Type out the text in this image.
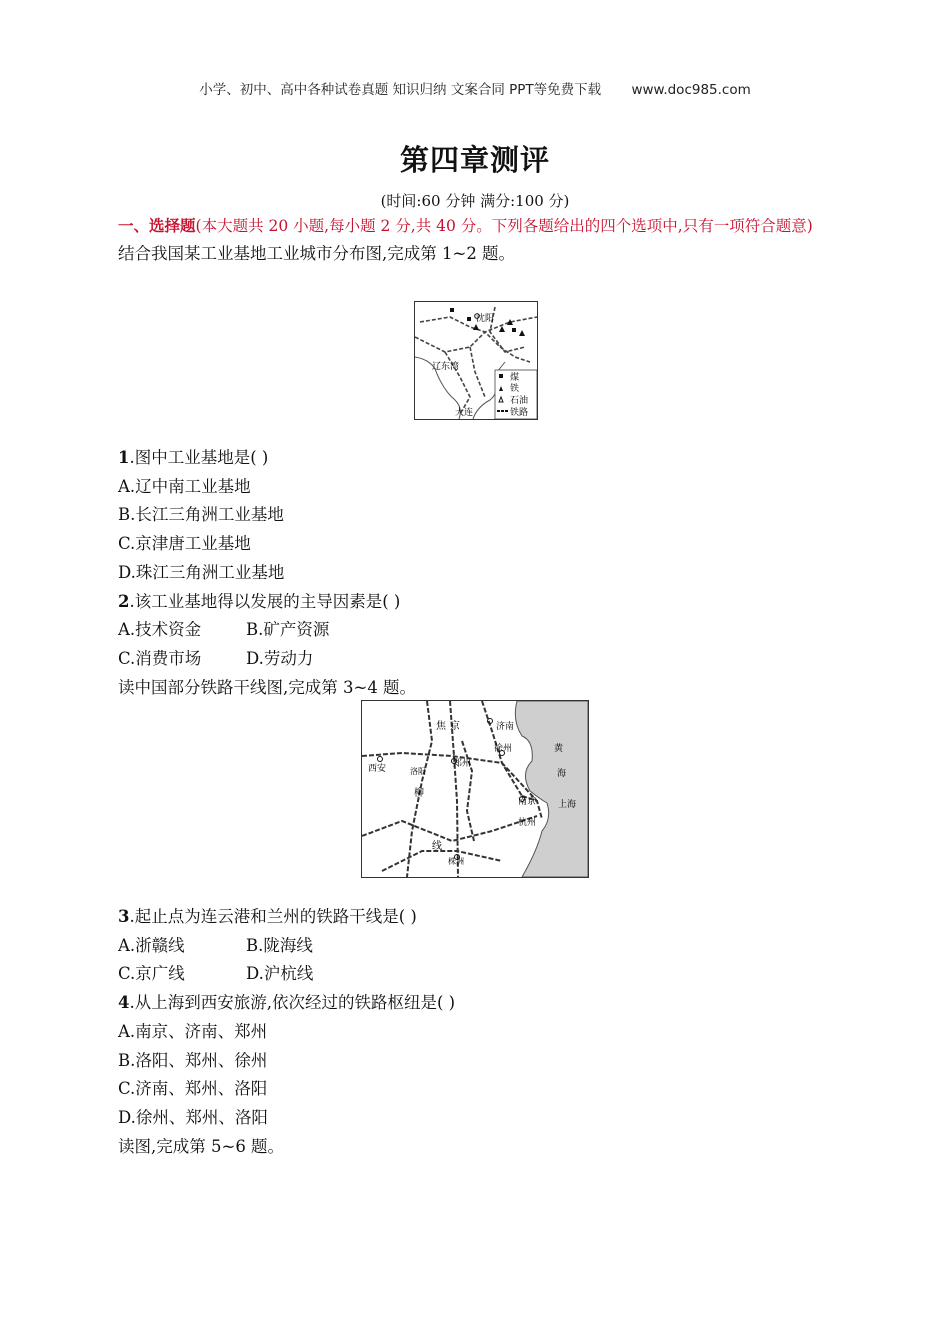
小学、初中、高中各种试卷真题 知识归纳 文案合同 PPT等免费下载 www.doc985.com
第四章测评
(时间:60 分钟 满分:100 分)
一、选择题(本大题共 20 小题,每小题 2 分,共 40 分。下列各题给出的四个选项中,只有一项符合题意)
结合我国某工业基地工业城市分布图,完成第 1~2 题。
沈阳
辽东湾
大连
煤
铁
石油
铁路
1.图中工业基地是( )
A.辽中南工业基地
B.长江三角洲工业基地
C.京津唐工业基地
D.珠江三角洲工业基地
2.该工业基地得以发展的主导因素是( )
A.技术资金	B.矿产资源
C.消费市场	D.劳动力
读中国部分铁路干线图,完成第 3~4 题。
焦 京	济南
黄
海
徐州
西安	洛阳
郑州
柳
南京 上海
杭州
线
株洲
3.起止点为连云港和兰州的铁路干线是( )
A.浙赣线	B.陇海线
C.京广线	D.沪杭线
4.从上海到西安旅游,依次经过的铁路枢纽是( )
A.南京、济南、郑州
B.洛阳、郑州、徐州
C.济南、郑州、洛阳
D.徐州、郑州、洛阳
读图,完成第 5~6 题。
